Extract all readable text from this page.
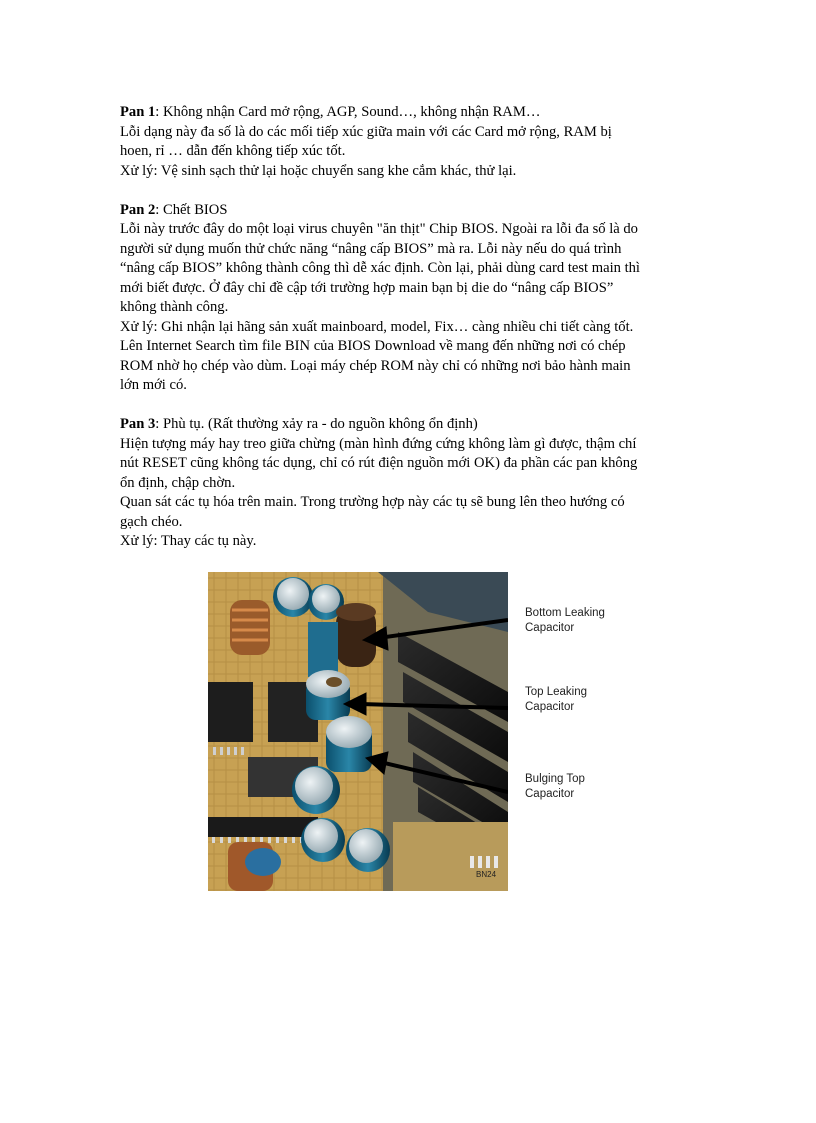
Pan 1: Không nhận Card mở rộng, AGP, Sound…, không nhận RAM…

Lỗi dạng này đa số là do các mối tiếp xúc giữa main với các Card mở rộng, RAM bị

hoen, rỉ … dẫn đến không tiếp xúc tốt.

Xử lý: Vệ sinh sạch thử lại hoặc chuyển sang khe cắm khác, thử lại.

Pan 2: Chết BIOS

Lỗi này trước đây do một loại virus chuyên "ăn thịt" Chip BIOS. Ngoài ra lỗi đa số là do

người sử dụng muốn thử chức năng “nâng cấp BIOS” mà ra. Lỗi này nếu do quá trình

“nâng cấp BIOS” không thành công thì dễ xác định. Còn lại, phải dùng card test main thì

mới biết được. Ở đây chỉ đề cập tới trường hợp main bạn bị die do “nâng cấp BIOS”

không thành công.

Xử lý: Ghi nhận lại hãng sản xuất mainboard, model, Fix… càng nhiều chi tiết càng tốt.

Lên Internet Search tìm file BIN của BIOS Download về mang đến những nơi có chép

ROM nhờ họ chép vào dùm. Loại máy chép ROM này chỉ có những nơi bảo hành main

lớn mới có.

Pan 3: Phù tụ. (Rất thường xảy ra - do nguồn không ổn định)

Hiện tượng máy hay treo giữa chừng (màn hình đứng cứng không làm gì được, thậm chí

nút RESET cũng không tác dụng, chỉ có rút điện nguồn mới OK) đa phần các pan không

ổn định, chập chờn.

Quan sát các tụ hóa trên main. Trong trường hợp này các tụ sẽ bung lên theo hướng có

gạch chéo.

Xử lý: Thay các tụ này.

BN24
Bottom Leaking
Capacitor
Top Leaking
Capacitor
Bulging Top
Capacitor
